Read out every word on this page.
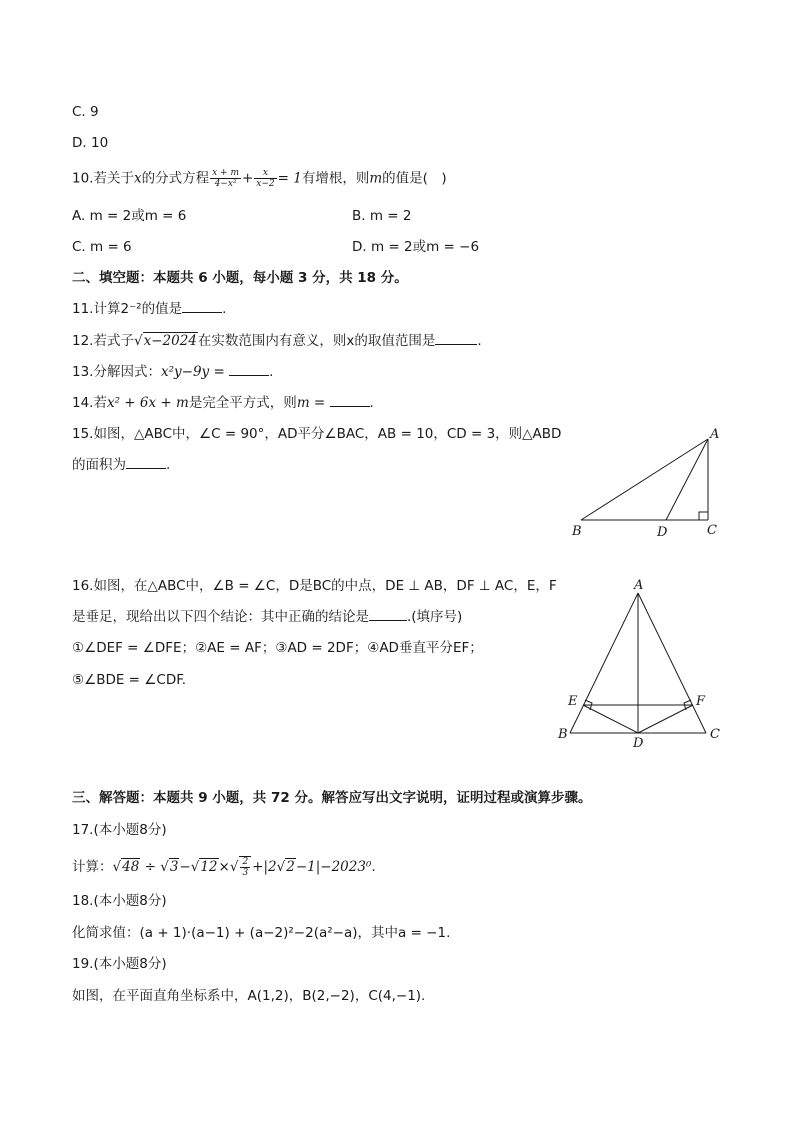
C. 9
D. 10
10.若关于x的分式方程 $\frac{x + m}{\text{4−x²}} + \frac{x}{x-2} = 1$有增根，则m的值是(　)
A. m = 2或m = 6	B. m = 2
C. m = 6	D. m = 2或m = −6
二、填空题：本题共 6 小题，每小题 3 分，共 18 分。
11.计算2⁻²的值是	.
12.若式子√x−2024在实数范围内有意义，则x的取值范围是	.
13.分解因式：x²y−9y =	.
14.若x² + 6x + m是完全平方式，则m =	.
15.如图，△ABC中，∠C = 90°，AD平分∠BAC，AB = 10，CD = 3，则△ABD
的面积为	.
A
B	C
D
16.如图，在△ABC中，∠B = ∠C，D是BC的中点，DE ⊥ AB，DF ⊥ AC，E，F
是垂足，现给出以下四个结论：其中正确的结论是	.(填序号)
①∠DEF = ∠DFE；②AE = AF；③AD = 2DF；④AD垂直平分EF；
⑤∠BDE = ∠CDF.
A
B	C
D
E	F
三、解答题：本题共 9 小题，共 72 分。解答应写出文字说明，证明过程或演算步骤。
17.(本小题8分)
计算：$√48 \div √3-√12\times√ \frac{2}{3} +|2√2-1|-2023^0$.
18.(本小题8分)
化简求值：(a + 1)·(a−1) + (a−2)²−2(a²−a)，其中a = −1.
19.(本小题8分)
如图，在平面直角坐标系中，A(1,2)，B(2,−2)，C(4,−1).
